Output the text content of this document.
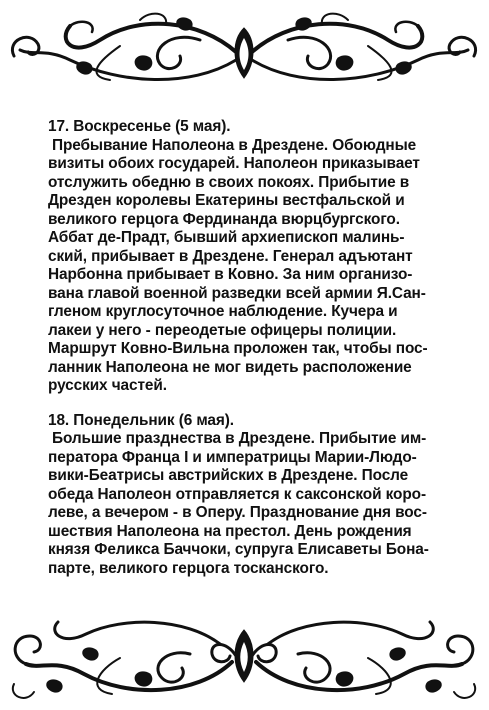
17. Воскресенье (5 мая).
Пребывание Наполеона в Дрездене. Обоюдные
визиты обоих государей. Наполеон приказывает
отслужить обедню в своих покоях. Прибытие в
Дрезден королевы Екатерины вестфальской и
великого герцога Фердинанда вюрцбургского.
Аббат де-Прадт, бывший архиепископ малинь-
ский, прибывает в Дрездене. Генерал адъютант
Нарбонна прибывает в Ковно. За ним организо-
вана главой военной разведки всей армии Я.Сан-
гленом круглосуточное наблюдение. Кучера и
лакеи у него - переодетые офицеры полиции.
Маршрут Ковно-Вильна проложен так, чтобы пос-
ланник Наполеона не мог видеть расположение
русских частей.

18. Понедельник (6 мая).
Большие празднества в Дрездене. Прибытие им-
ператора Франца I и императрицы Марии-Людо-
вики-Беатрисы австрийских в Дрездене. После
обеда Наполеон отправляется к саксонской коро-
леве, а вечером - в Оперу. Празднование дня вос-
шествия Наполеона на престол. День рождения
князя Феликса Баччоки, супруга Елисаветы Бона-
парте, великого герцога тосканского.
